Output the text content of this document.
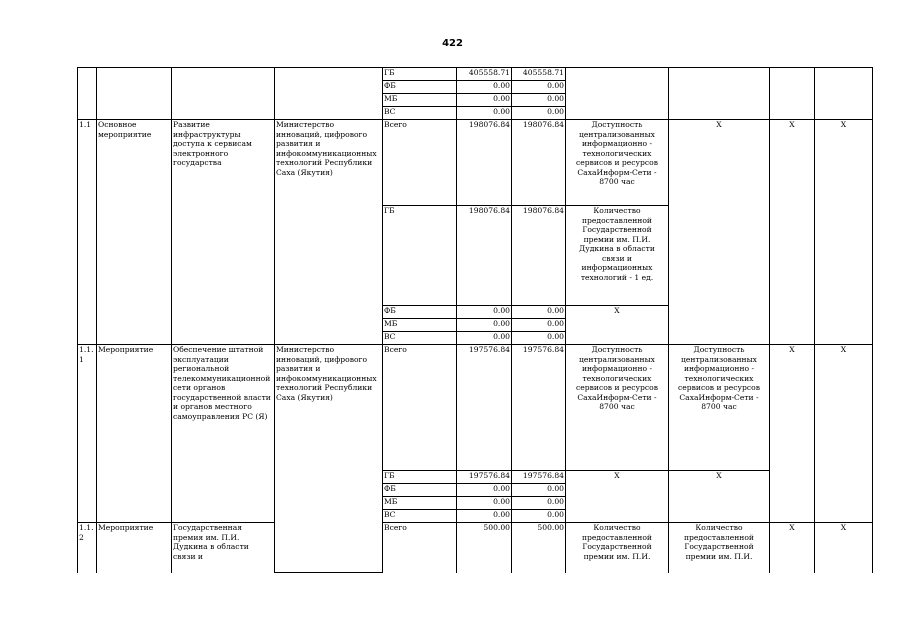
422
				ГБ	405558.71	405558.71				
				ФБ	0.00	0.00				
				МБ	0.00	0.00				
				ВС	0.00	0.00				
1.1	Основное мероприятие	Развитие инфраструктуры доступа к сервисам электронного государства	Министерство инноваций, цифрового развития и инфокоммуникационных технологий Республики Саха (Якутия)	Всего	198076.84	198076.84	Доступность централизованных информационно - технологических сервисов и ресурсов СахаИнформ-Сети - 8700 час	Х	Х	Х
				ГБ	198076.84	198076.84	Количество предоставленной Государственной премии им. П.И. Дудкина в области связи и информационных технологий - 1 ед.			
				ФБ	0.00	0.00	Х			
				МБ	0.00	0.00				
				ВС	0.00	0.00				
1.1. 1	Мероприятие	Обеспечение штатной эксплуатации региональной телекоммуникационной сети органов государственной власти и органов местного самоуправления РС (Я)	Министерство инноваций, цифрового развития и инфокоммуникационных технологий Республики Саха (Якутия)	Всего	197576.84	197576.84	Доступность централизованных информационно - технологических сервисов и ресурсов СахаИнформ-Сети - 8700 час	Доступность централизованных информационно - технологических сервисов и ресурсов СахаИнформ-Сети - 8700 час	Х	Х
				ГБ	197576.84	197576.84	Х	Х		
				ФБ	0.00	0.00				
				МБ	0.00	0.00				
				ВС	0.00	0.00				
1.1. 2	Мероприятие	Государственная премия им. П.И. Дудкина в области связи и		Всего	500.00	500.00	Количество предоставленной Государственной премии им. П.И.	Количество предоставленной Государственной премии им. П.И.	Х	Х
